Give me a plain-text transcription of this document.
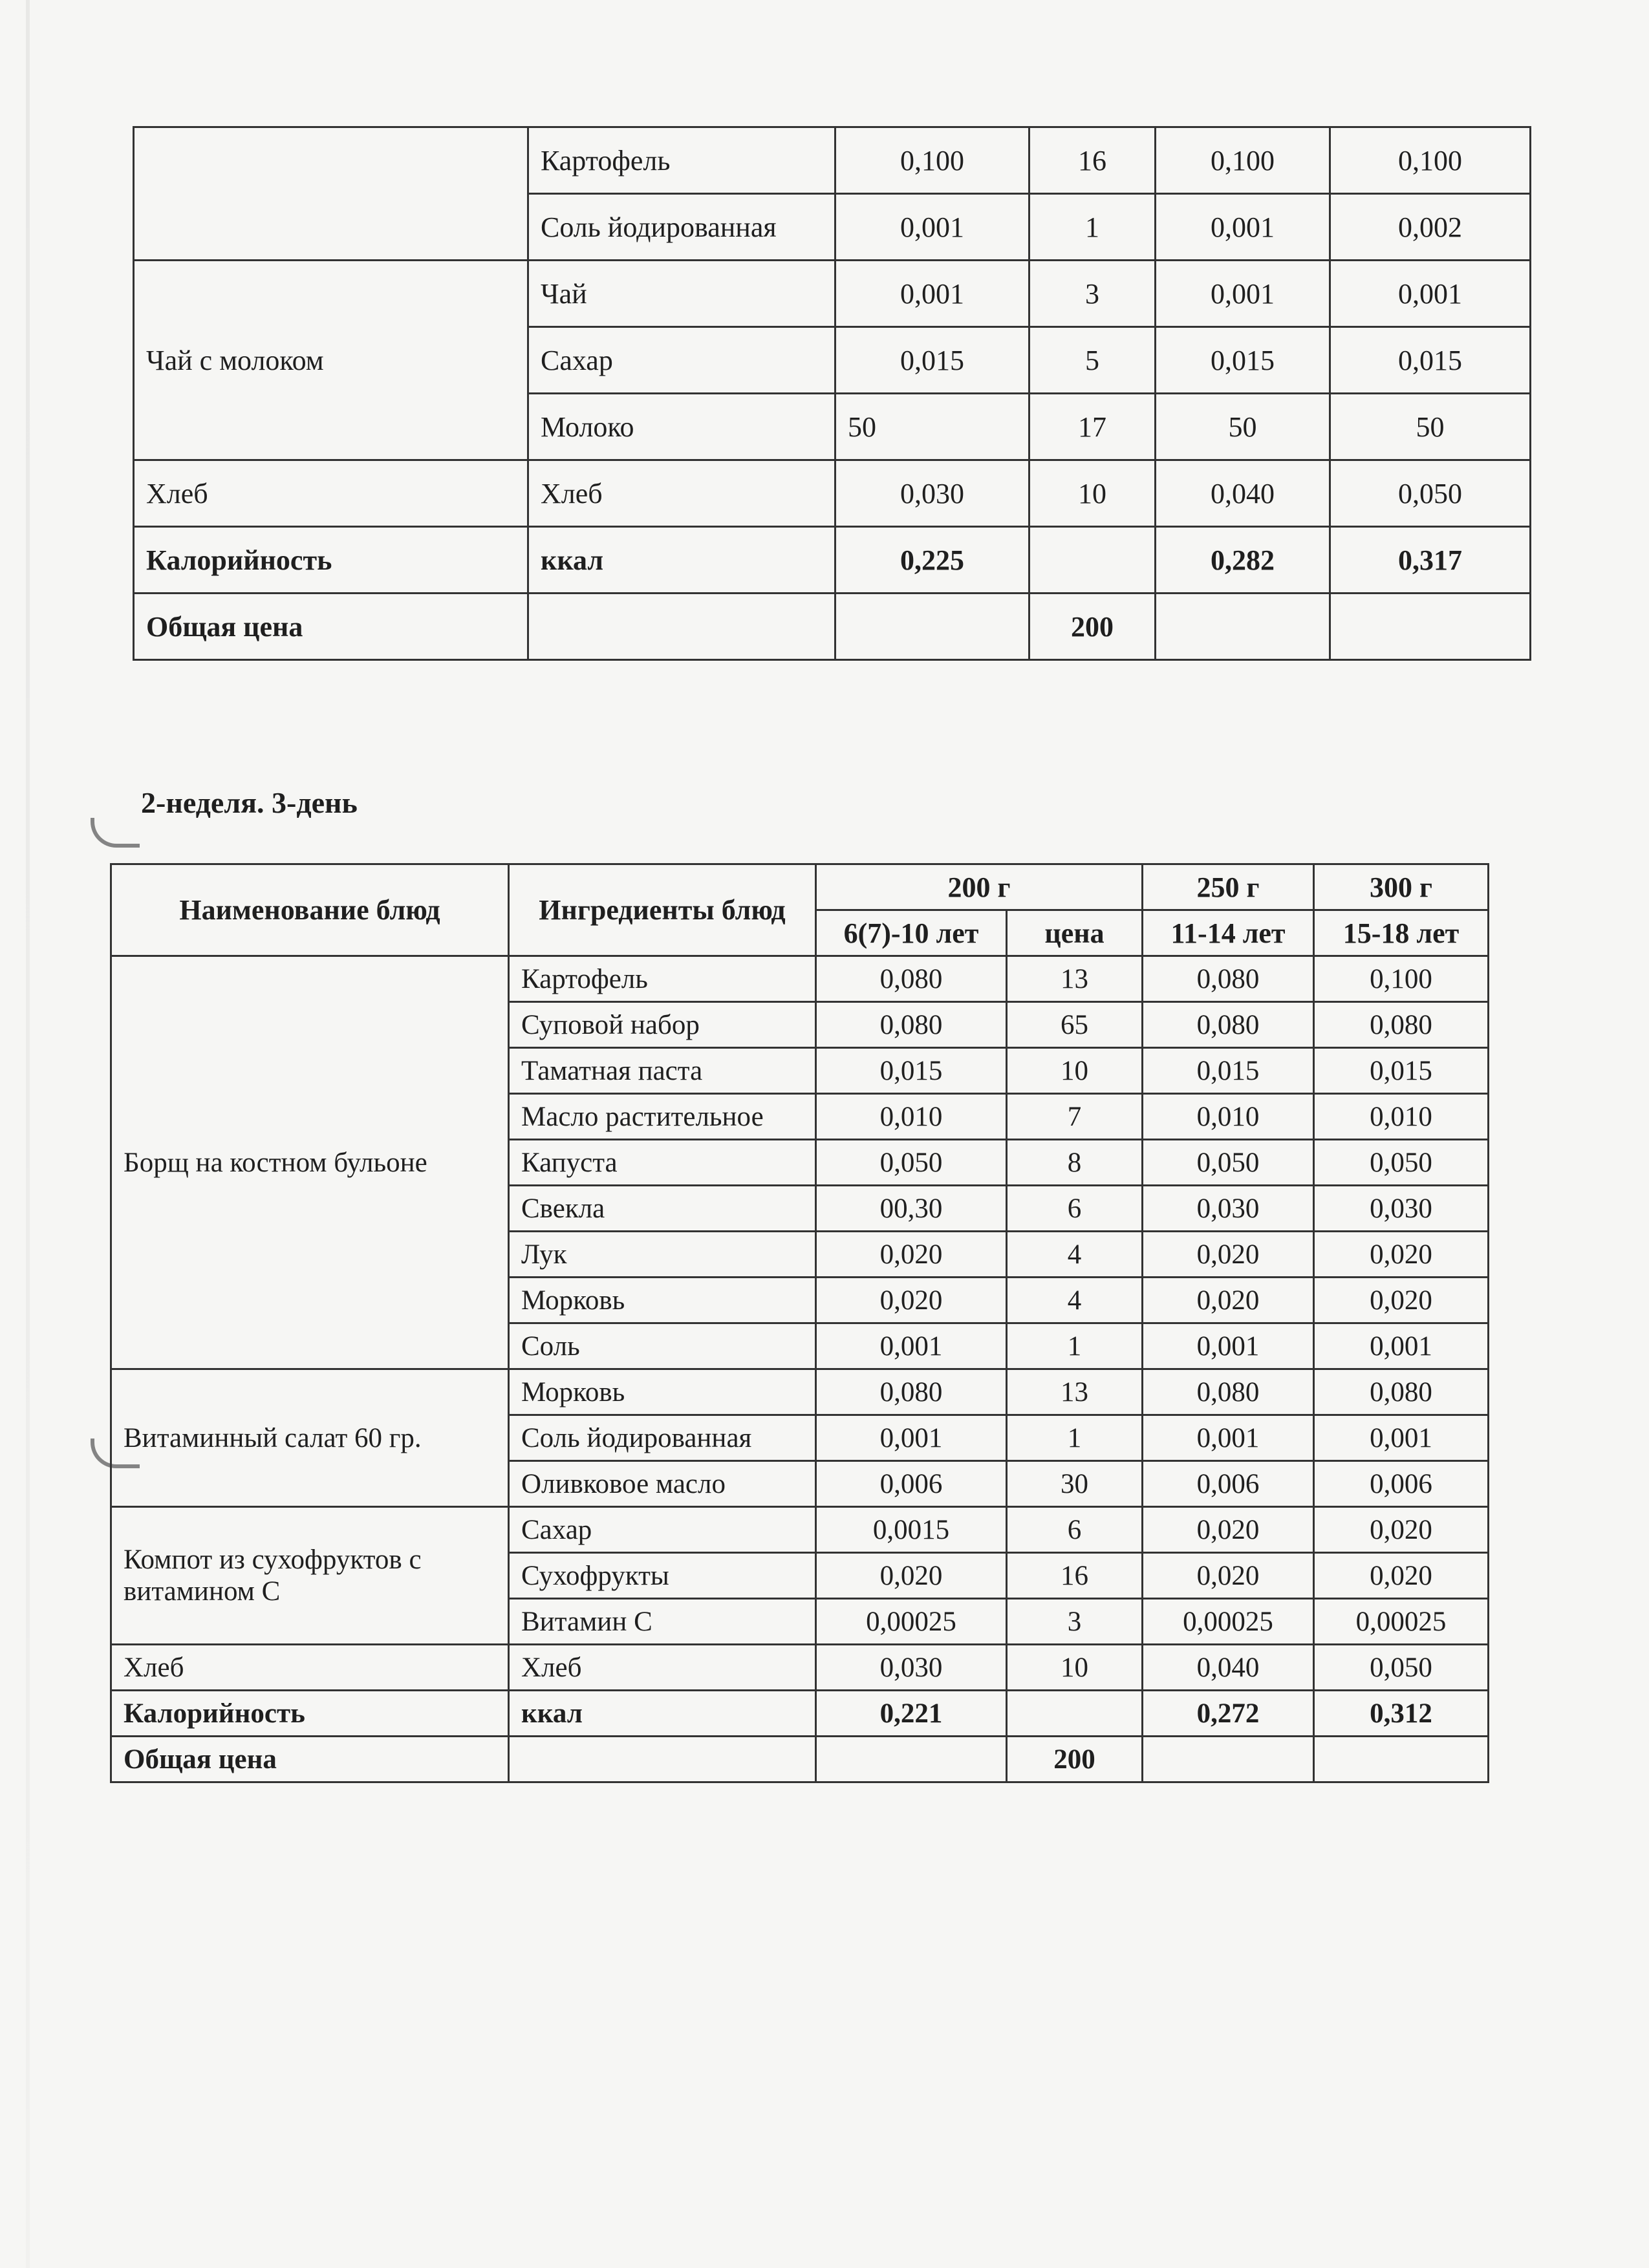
	Картофель	0,100	16	0,100	0,100
	Соль йодированная	0,001	1	0,001	0,002
Чай с молоком	Чай	0,001	3	0,001	0,001
	Сахар	0,015	5	0,015	0,015
	Молоко	50	17	50	50
Хлеб	Хлеб	0,030	10	0,040	0,050
Калорийность	ккал	0,225		0,282	0,317
Общая цена			200		
2-неделя. 3-день
Наименование блюд	Ингредиенты блюд	200 г		250 г	300 г
		6(7)-10 лет	цена	11-14 лет	15-18 лет
Борщ на костном бульоне	Картофель	0,080	13	0,080	0,100
	Суповой набор	0,080	65	0,080	0,080
	Таматная паста	0,015	10	0,015	0,015
	Масло растительное	0,010	7	0,010	0,010
	Капуста	0,050	8	0,050	0,050
	Свекла	00,30	6	0,030	0,030
	Лук	0,020	4	0,020	0,020
	Морковь	0,020	4	0,020	0,020
	Соль	0,001	1	0,001	0,001
Витаминный салат 60 гр.	Морковь	0,080	13	0,080	0,080
	Соль йодированная	0,001	1	0,001	0,001
	Оливковое масло	0,006	30	0,006	0,006
Компот из сухофруктов с витамином С	Сахар	0,0015	6	0,020	0,020
	Сухофрукты	0,020	16	0,020	0,020
	Витамин С	0,00025	3	0,00025	0,00025
Хлеб	Хлеб	0,030	10	0,040	0,050
Калорийность	ккал	0,221		0,272	0,312
Общая цена			200		
